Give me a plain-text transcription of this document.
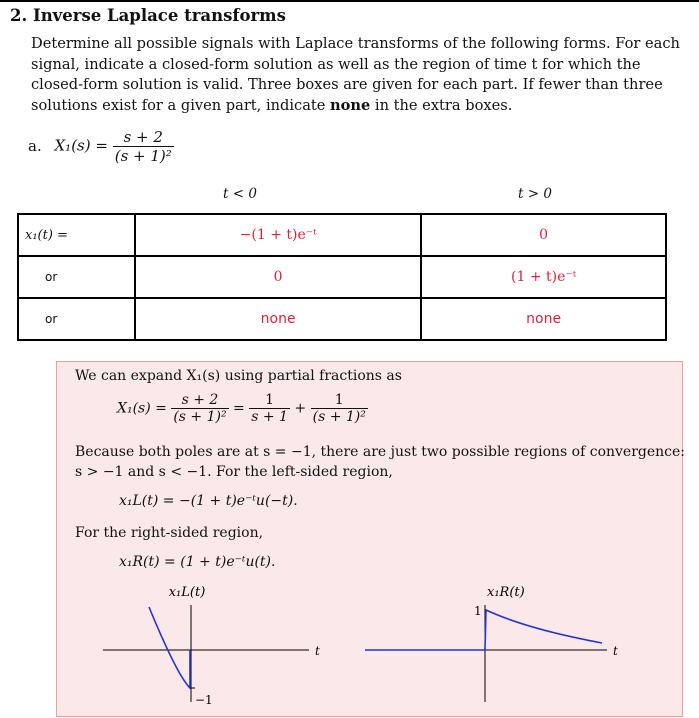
2. Inverse Laplace transforms
Determine all possible signals with Laplace transforms of the following forms. For each signal, indicate a closed-form solution as well as the region of time t for which the closed-form solution is valid. Three boxes are given for each part. If fewer than three solutions exist for a given part, indicate none in the extra boxes.
a. $X_1(s) = \frac{s + 2}{\text{(s + 1)²}}$
t < 0	t > 0
x₁(t) =	−(1 + t)e⁻ᵗ	0
or	0	(1 + t)e⁻ᵗ
or	none	none
We can expand X₁(s) using partial fractions as
$X_1(s) = \frac{s + 2}{\text{(s + 1)²}} = \frac{1}{s + 1} + \frac{1}{\text{(s + 1)²}}$
Because both poles are at s = −1, there are just two possible regions of convergence:
s > −1 and s < −1. For the left-sided region,
x₁L(t) = −(1 + t)e⁻ᵗu(−t).
For the right-sided region,
x₁R(t) = (1 + t)e⁻ᵗu(t).
x₁L(t)
t
−1
x₁R(t)
t
1
